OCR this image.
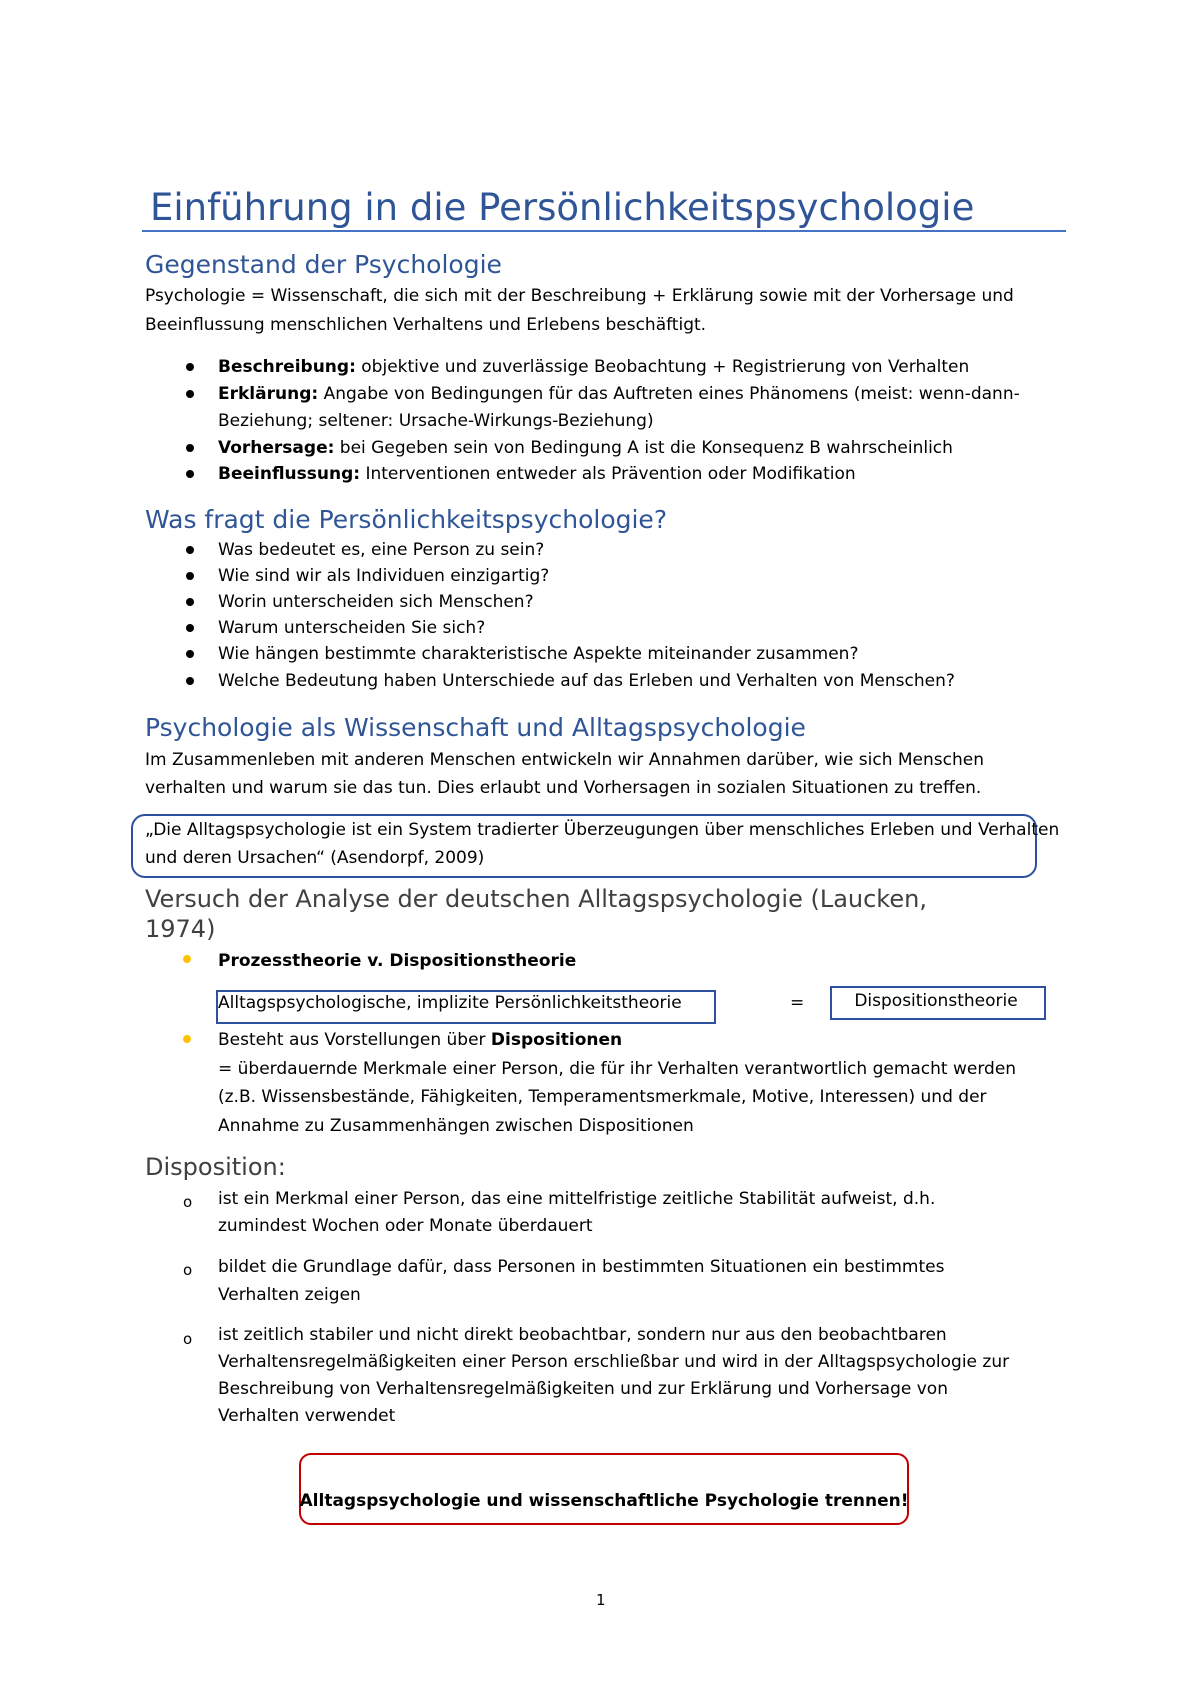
Einführung in die Persönlichkeitspsychologie
Gegenstand der Psychologie
Psychologie = Wissenschaft, die sich mit der Beschreibung + Erklärung sowie mit der Vorhersage und
Beeinflussung menschlichen Verhaltens und Erlebens beschäftigt.
Beschreibung: objektive und zuverlässige Beobachtung + Registrierung von Verhalten
Erklärung: Angabe von Bedingungen für das Auftreten eines Phänomens (meist: wenn-dann-
Beziehung; seltener: Ursache-Wirkungs-Beziehung)
Vorhersage: bei Gegeben sein von Bedingung A ist die Konsequenz B wahrscheinlich
Beeinflussung: Interventionen entweder als Prävention oder Modifikation
Was fragt die Persönlichkeitspsychologie?
Was bedeutet es, eine Person zu sein?
Wie sind wir als Individuen einzigartig?
Worin unterscheiden sich Menschen?
Warum unterscheiden Sie sich?
Wie hängen bestimmte charakteristische Aspekte miteinander zusammen?
Welche Bedeutung haben Unterschiede auf das Erleben und Verhalten von Menschen?
Psychologie als Wissenschaft und Alltagspsychologie
Im Zusammenleben mit anderen Menschen entwickeln wir Annahmen darüber, wie sich Menschen
verhalten und warum sie das tun. Dies erlaubt und Vorhersagen in sozialen Situationen zu treffen.
„Die Alltagspsychologie ist ein System tradierter Überzeugungen über menschliches Erleben und Verhalten
und deren Ursachen“ (Asendorpf, 2009)
Versuch der Analyse der deutschen Alltagspsychologie (Laucken,
1974)
Prozesstheorie v. Dispositionstheorie
Alltagspsychologische, implizite Persönlichkeitstheorie	=	Dispositionstheorie
Besteht aus Vorstellungen über Dispositionen
= überdauernde Merkmale einer Person, die für ihr Verhalten verantwortlich gemacht werden
(z.B. Wissensbestände, Fähigkeiten, Temperamentsmerkmale, Motive, Interessen) und der
Annahme zu Zusammenhängen zwischen Dispositionen
Disposition:
o ist ein Merkmal einer Person, das eine mittelfristige zeitliche Stabilität aufweist, d.h.
zumindest Wochen oder Monate überdauert
o bildet die Grundlage dafür, dass Personen in bestimmten Situationen ein bestimmtes
Verhalten zeigen
o ist zeitlich stabiler und nicht direkt beobachtbar, sondern nur aus den beobachtbaren
Verhaltensregelmäßigkeiten einer Person erschließbar und wird in der Alltagspsychologie zur
Beschreibung von Verhaltensregelmäßigkeiten und zur Erklärung und Vorhersage von
Verhalten verwendet
Alltagspsychologie und wissenschaftliche Psychologie trennen!
1
